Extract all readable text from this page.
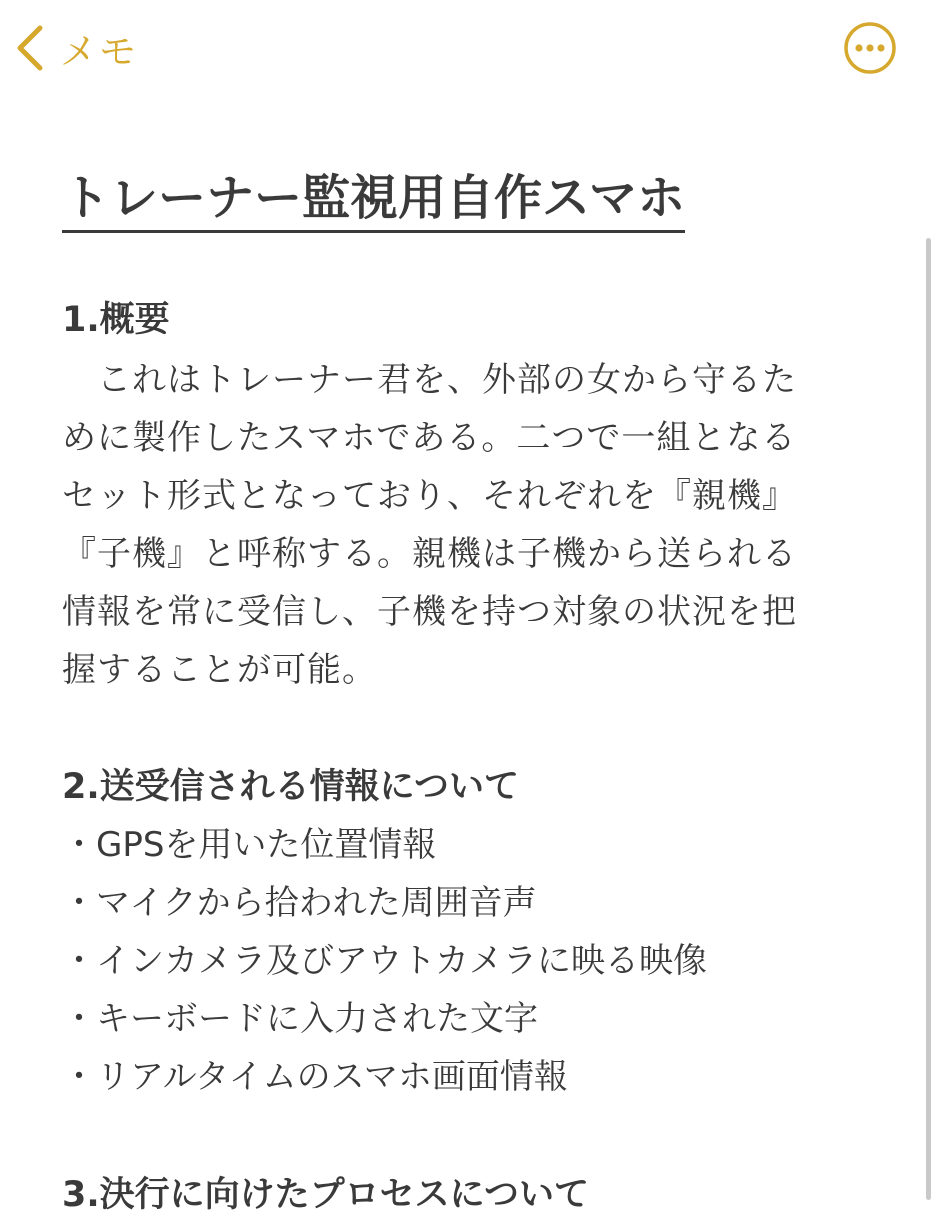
メモ
トレーナー監視用自作スマホ
1.概要
　これはトレーナー君を、外部の女から守るた
めに製作したスマホである。二つで一組となる
セット形式となっており、それぞれを『親機』
『子機』と呼称する。親機は子機から送られる
情報を常に受信し、子機を持つ対象の状況を把
握することが可能。
2.送受信される情報について
・GPSを用いた位置情報
・マイクから拾われた周囲音声
・インカメラ及びアウトカメラに映る映像
・キーボードに入力された文字
・リアルタイムのスマホ画面情報
3.決行に向けたプロセスについて
